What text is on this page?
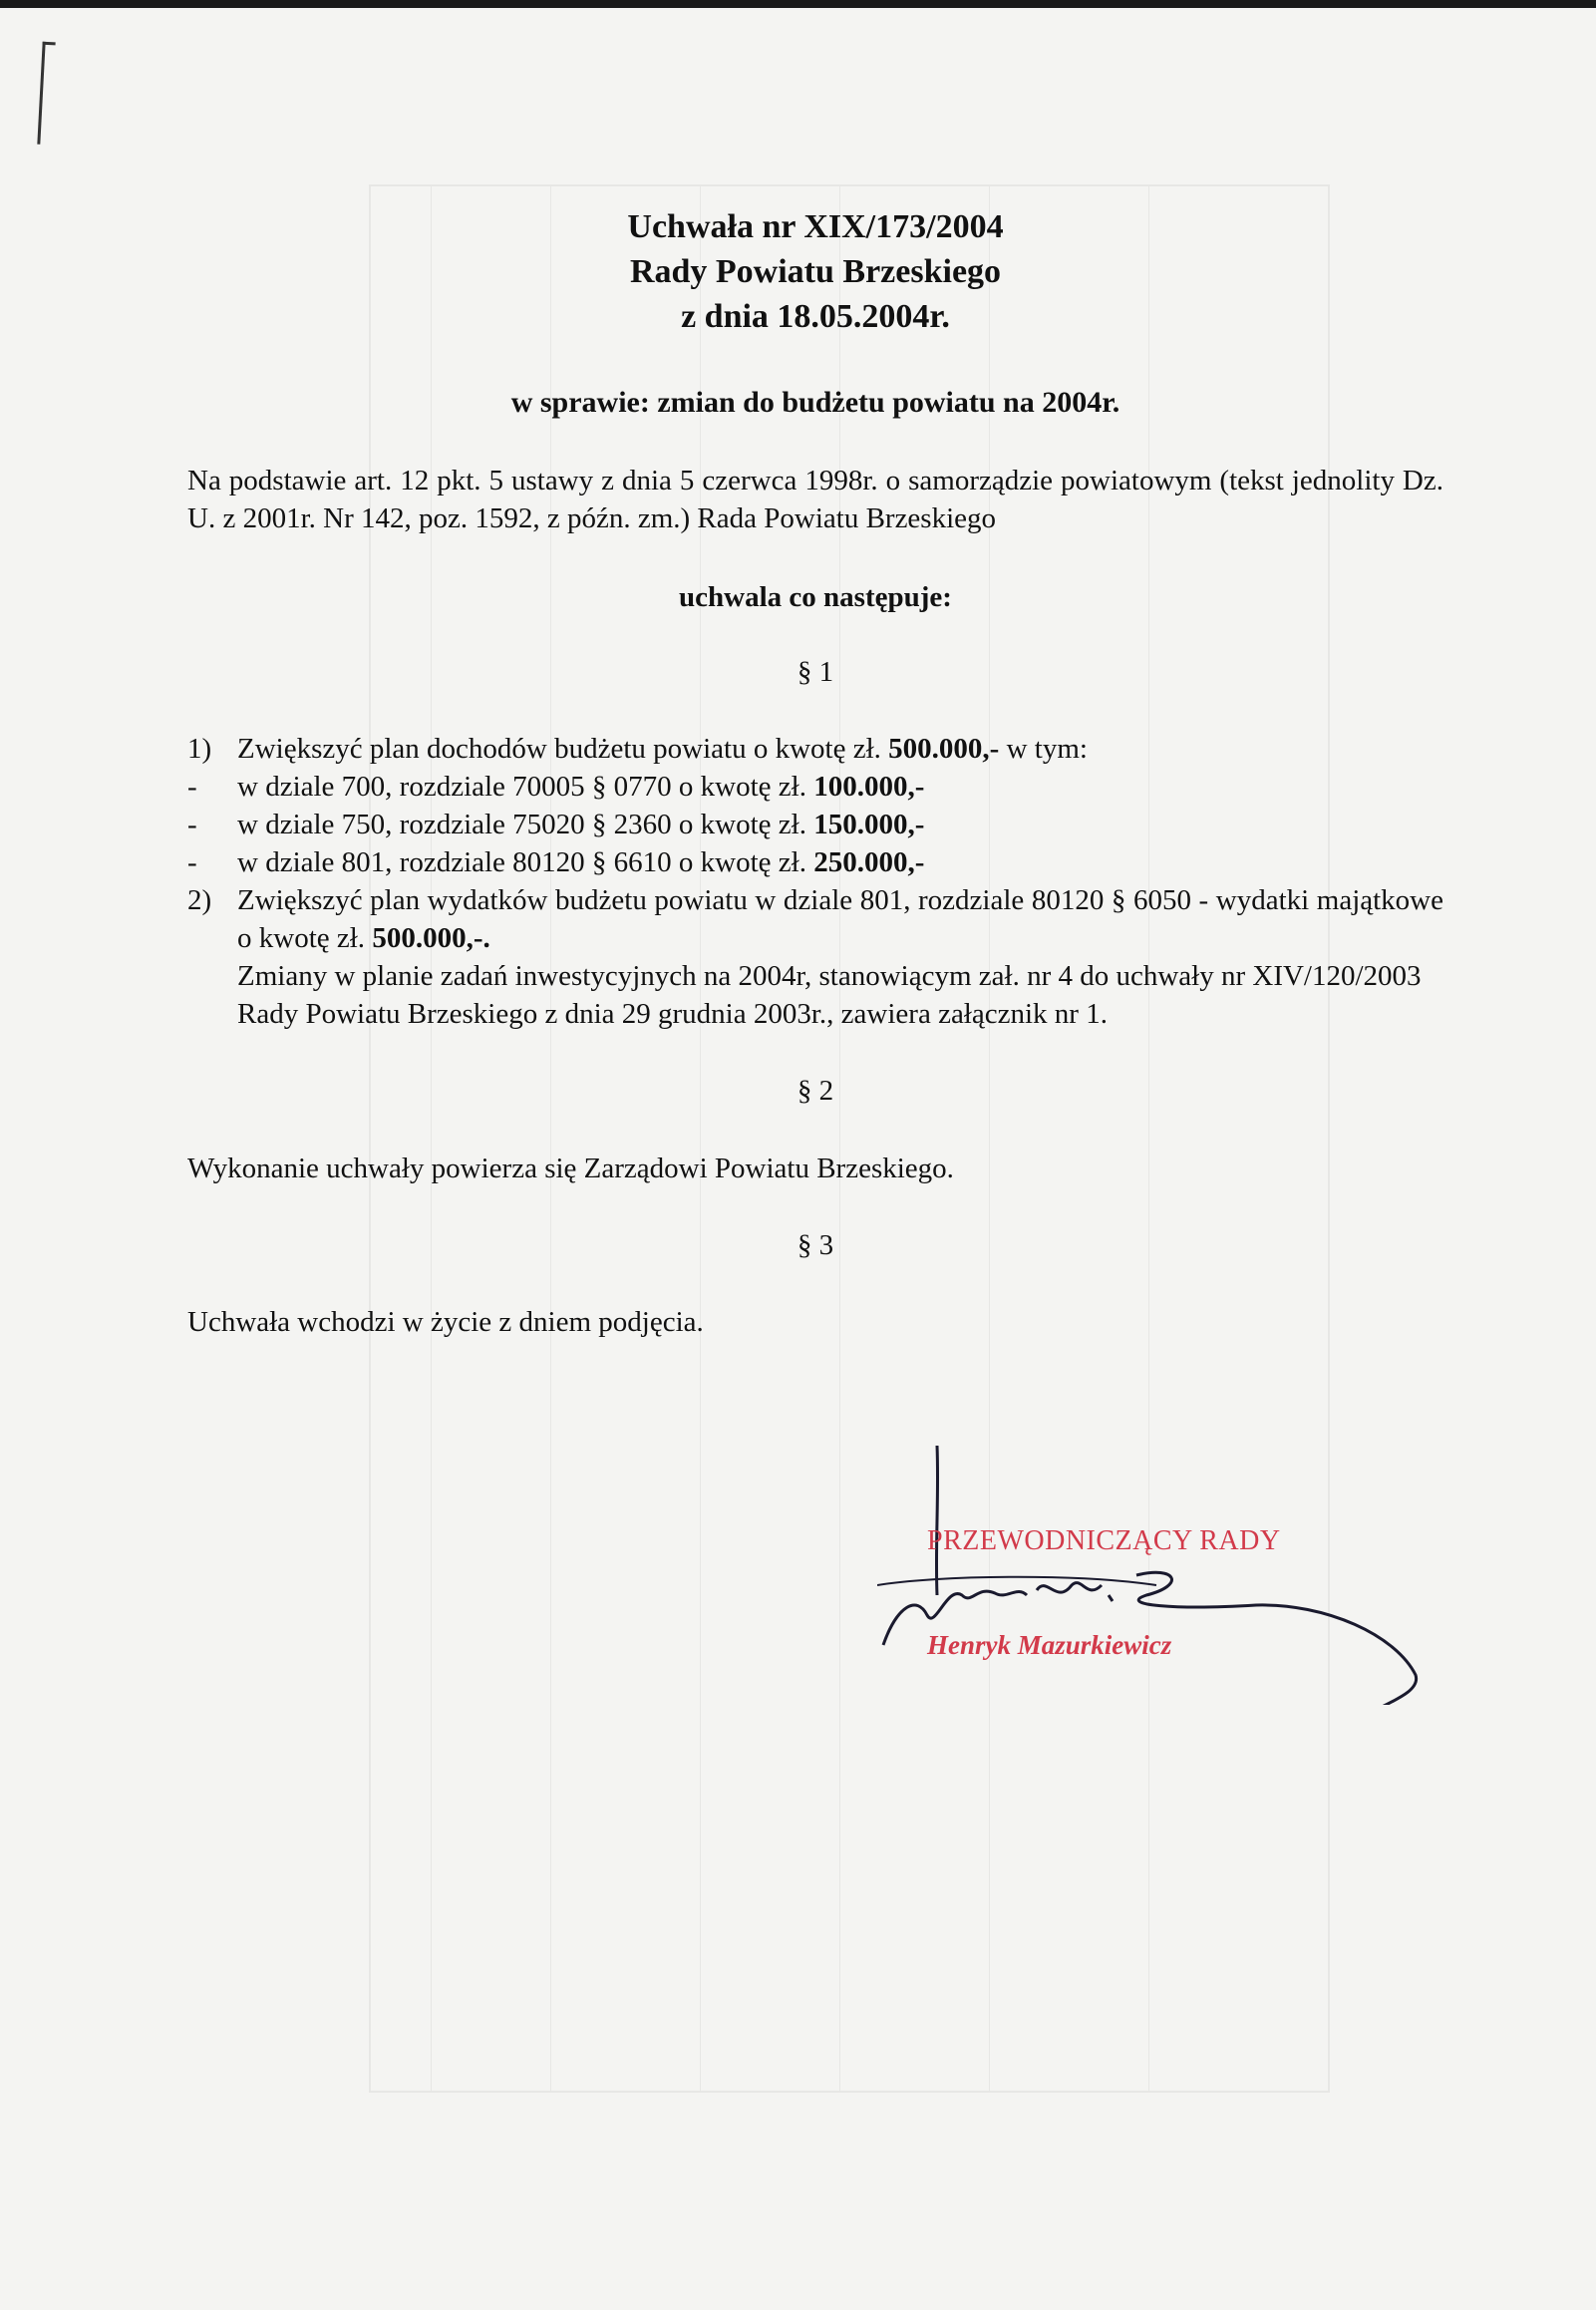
Uchwała nr XIX/173/2004
Rady Powiatu Brzeskiego
z dnia 18.05.2004r.
w sprawie: zmian do budżetu powiatu na 2004r.
Na podstawie art. 12 pkt. 5 ustawy z dnia 5 czerwca 1998r. o samorządzie powiatowym (tekst jednolity Dz. U. z 2001r. Nr 142, poz. 1592, z późn. zm.) Rada Powiatu Brzeskiego
uchwala co następuje:
§ 1
1) Zwiększyć plan dochodów budżetu powiatu o kwotę zł. 500.000,- w tym:
- w dziale 700, rozdziale 70005 § 0770 o kwotę zł. 100.000,-
- w dziale 750, rozdziale 75020 § 2360 o kwotę zł. 150.000,-
- w dziale 801, rozdziale 80120 § 6610 o kwotę zł. 250.000,-
2) Zwiększyć plan wydatków budżetu powiatu w dziale 801, rozdziale 80120 § 6050 - wydatki majątkowe o kwotę zł. 500.000,-.
Zmiany w planie zadań inwestycyjnych na 2004r, stanowiącym zał. nr 4 do uchwały nr XIV/120/2003 Rady Powiatu Brzeskiego z dnia 29 grudnia 2003r., zawiera załącznik nr 1.
§ 2
Wykonanie uchwały powierza się Zarządowi Powiatu Brzeskiego.
§ 3
Uchwała wchodzi w życie z dniem podjęcia.
PRZEWODNICZĄCY RADY
Henryk Mazurkiewicz
